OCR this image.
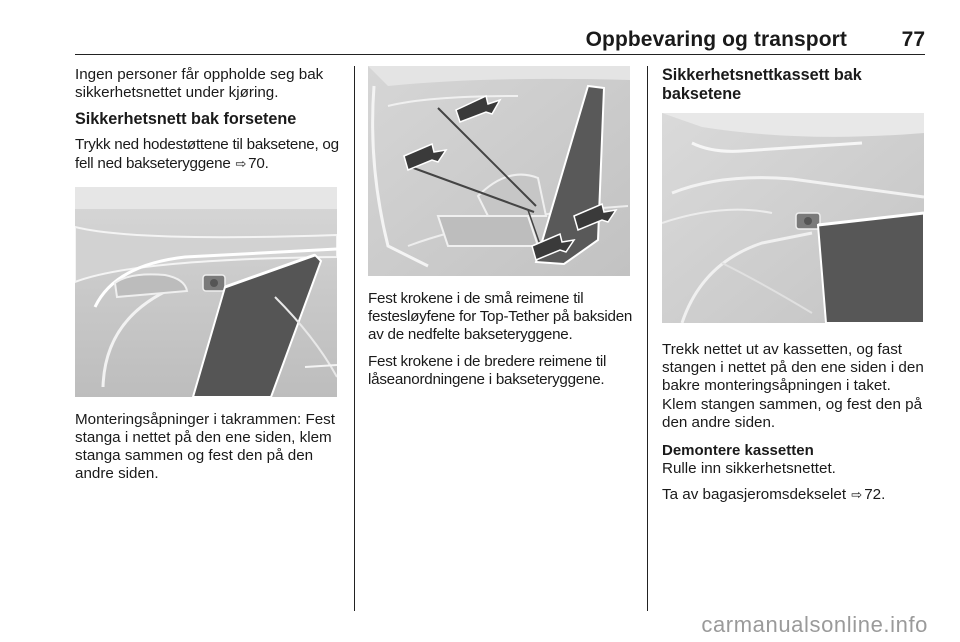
Oppbevaring og transport	77

Ingen personer får oppholde seg bak sikkerhetsnettet under kjøring.

Sikkerhetsnett bak forsetene

Trykk ned hodestøttene til baksetene, og fell ned bakseteryggene ⇨ 70.

Monteringsåpninger i takrammen: Fest stanga i nettet på den ene siden, klem stanga sammen og fest den på den andre siden.

Fest krokene i de små reimene til festesløyfene for Top-Tether på baksiden av de nedfelte bakseteryggene.

Fest krokene i de bredere reimene til låseanordningene i bakseteryggene.

Sikkerhetsnettkassett bak baksetene

Trekk nettet ut av kassetten, og fast stangen i nettet på den ene siden i den bakre monteringsåpningen i taket. Klem stangen sammen, og fest den på den andre siden.

Demontere kassetten

Rulle inn sikkerhetsnettet.

Ta av bagasjeromsdekselet ⇨ 72.

carmanualsonline.info
